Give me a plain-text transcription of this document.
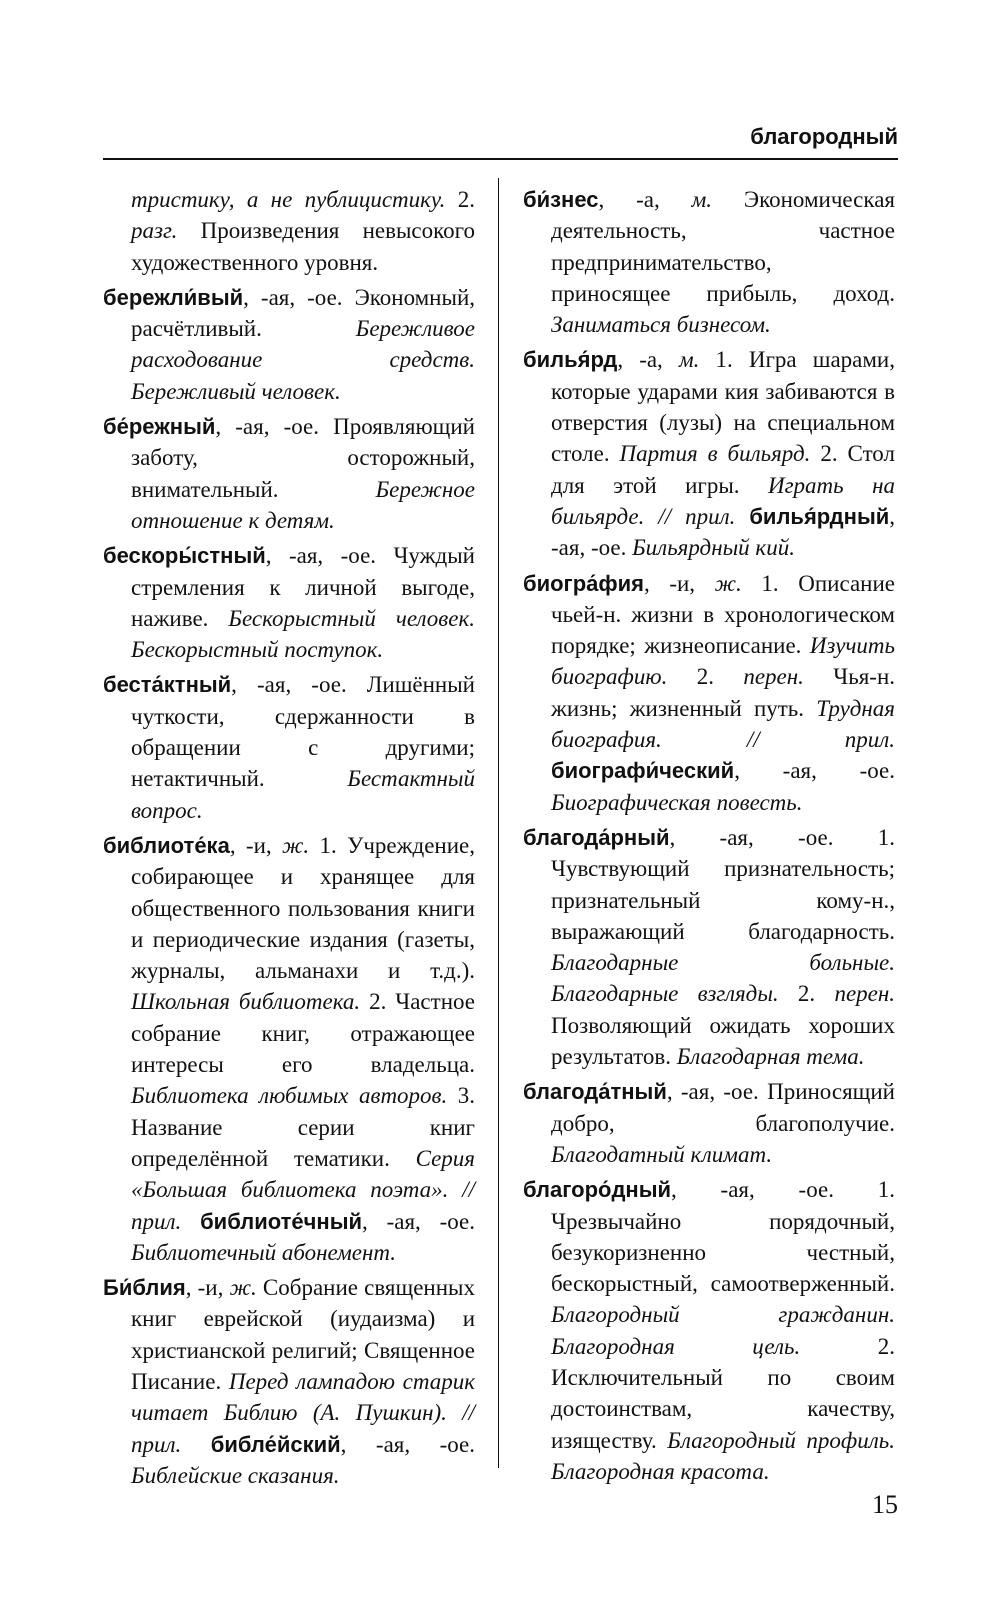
благородный

тристику, а не публицистику. 2. разг. Произведения невысокого художественного уровня.

бережли́вый, -ая, -ое. Экономный, расчётливый. Бережливое расходование средств. Бережливый человек.

бе́режный, -ая, -ое. Проявляющий заботу, осторожный, внимательный. Бережное отношение к детям.

бескоры́стный, -ая, -ое. Чуждый стремления к личной выгоде, наживе. Бескорыстный человек. Бескорыстный поступок.

беста́ктный, -ая, -ое. Лишённый чуткости, сдержанности в обращении с другими; нетактичный. Бестактный вопрос.

библиоте́ка, -и, ж. 1. Учреждение, собирающее и хранящее для общественного пользования книги и периодические издания (газеты, журналы, альманахи и т.д.). Школьная библиотека. 2. Частное собрание книг, отражающее интересы его владельца. Библиотека любимых авторов. 3. Название серии книг определённой тематики. Серия «Большая библиотека поэта». // прил. библиоте́чный, -ая, -ое. Библиотечный абонемент.

Би́блия, -и, ж. Собрание священных книг еврейской (иудаизма) и христианской религий; Священное Писание. Перед лампадою старик читает Библию (А. Пушкин). // прил. библе́йский, -ая, -ое. Библейские сказания.

би́знес, -а, м. Экономическая деятельность, частное предпринимательство, приносящее прибыль, доход. Заниматься бизнесом.

билья́рд, -а, м. 1. Игра шарами, которые ударами кия забиваются в отверстия (лузы) на специальном столе. Партия в бильярд. 2. Стол для этой игры. Играть на бильярде. // прил. билья́рдный, -ая, -ое. Бильярдный кий.

биогра́фия, -и, ж. 1. Описание чьей-н. жизни в хронологическом порядке; жизнеописание. Изучить биографию. 2. перен. Чья-н. жизнь; жизненный путь. Трудная биография. // прил. биографи́ческий, -ая, -ое. Биографическая повесть.

благода́рный, -ая, -ое. 1. Чувствующий признательность; признательный кому-н., выражающий благодарность. Благодарные больные. Благодарные взгляды. 2. перен. Позволяющий ожидать хороших результатов. Благодарная тема.

благода́тный, -ая, -ое. Приносящий добро, благополучие. Благодатный климат.

благоро́дный, -ая, -ое. 1. Чрезвычайно порядочный, безукоризненно честный, бескорыстный, самоотверженный. Благородный гражданин. Благородная цель. 2. Исключительный по своим достоинствам, качеству, изяществу. Благородный профиль. Благородная красота.

15
